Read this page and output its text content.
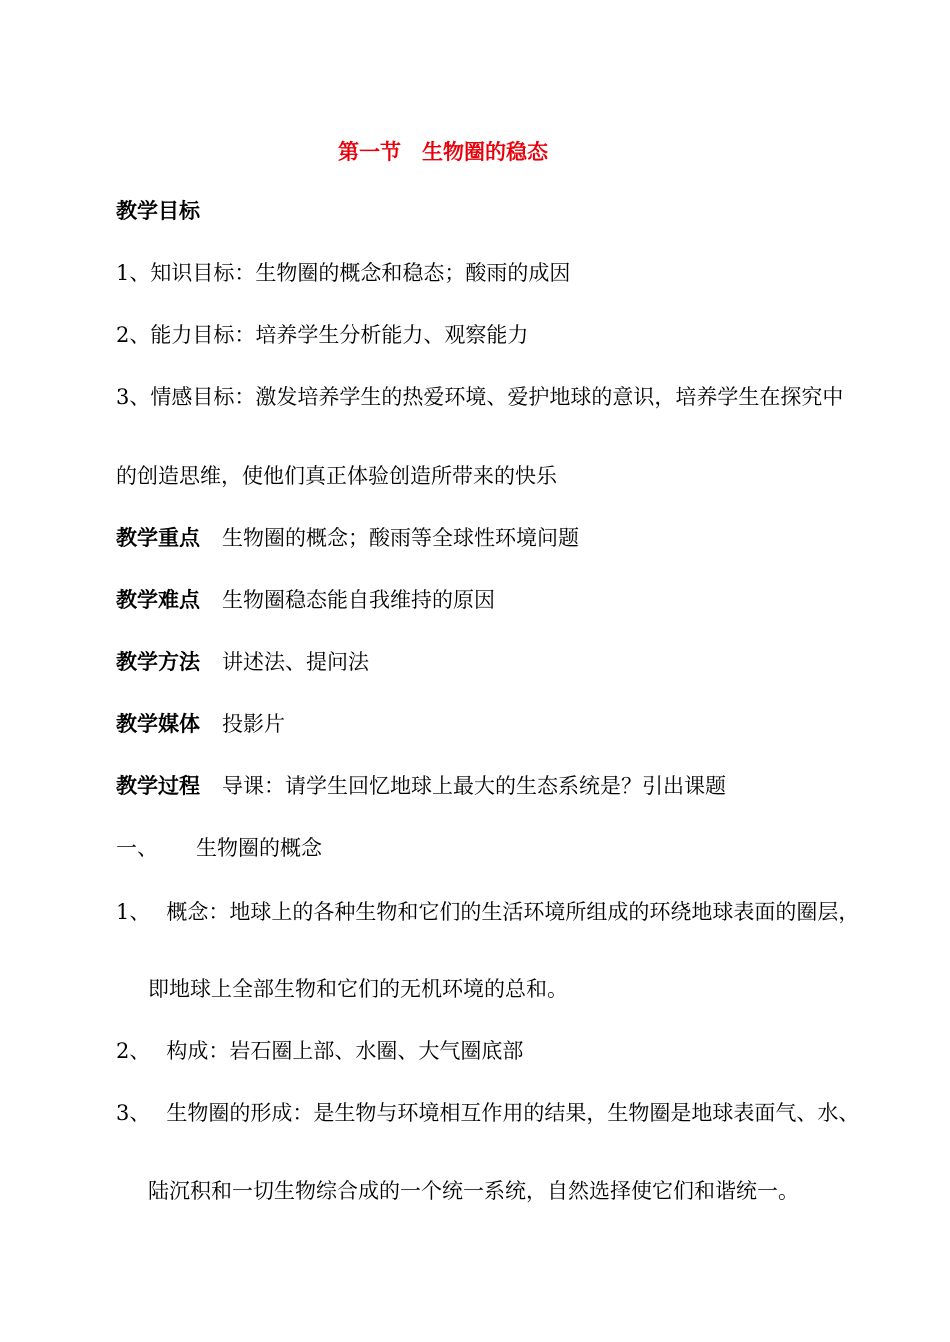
第一节　生物圈的稳态
教学目标
1、知识目标：生物圈的概念和稳态；酸雨的成因
2、能力目标：培养学生分析能力、观察能力
3、情感目标：激发培养学生的热爱环境、爱护地球的意识，培养学生在探究中
的创造思维，使他们真正体验创造所带来的快乐
教学重点 生物圈的概念；酸雨等全球性环境问题
教学难点 生物圈稳态能自我维持的原因
教学方法 讲述法、提问法
教学媒体 投影片
教学过程 导课：请学生回忆地球上最大的生态系统是？引出课题
一、 生物圈的概念
1、 概念：地球上的各种生物和它们的生活环境所组成的环绕地球表面的圈层，
即地球上全部生物和它们的无机环境的总和。
2、 构成：岩石圈上部、水圈、大气圈底部
3、 生物圈的形成：是生物与环境相互作用的结果，生物圈是地球表面气、水、
陆沉积和一切生物综合成的一个统一系统，自然选择使它们和谐统一。
